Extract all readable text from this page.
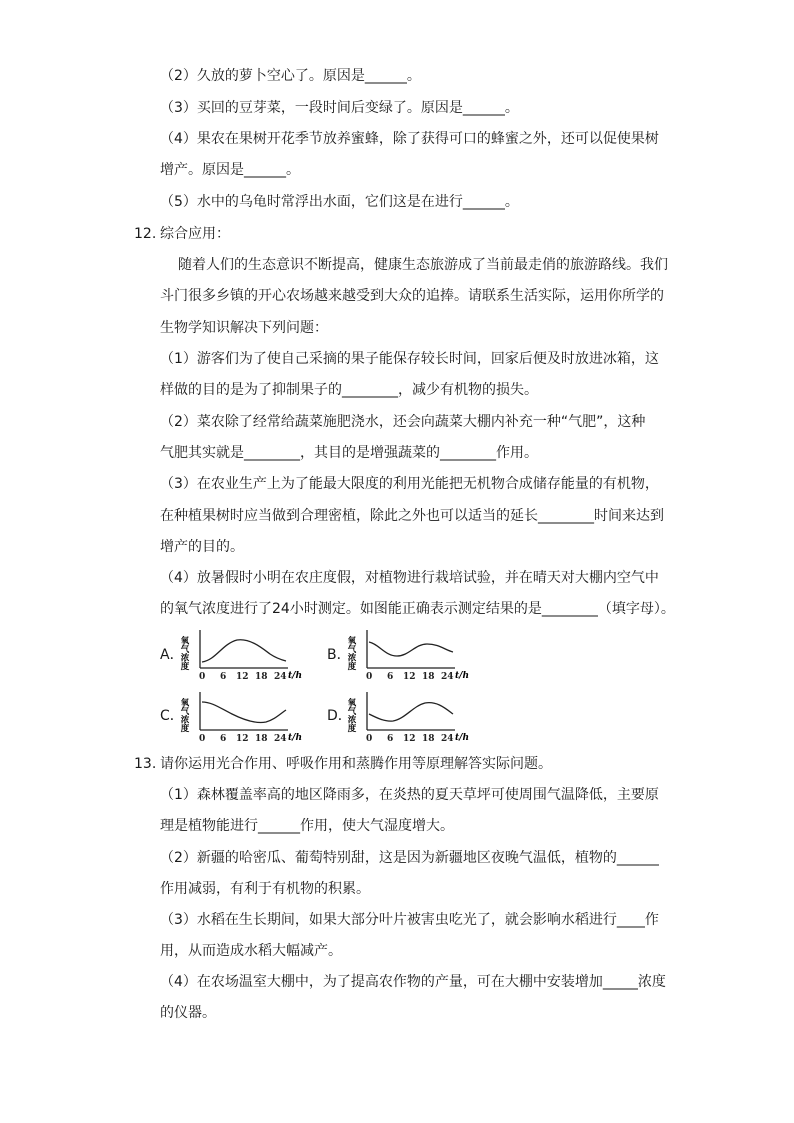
（2）久放的萝卜空心了。原因是______。
（3）买回的豆芽菜，一段时间后变绿了。原因是______。
（4）果农在果树开花季节放养蜜蜂，除了获得可口的蜂蜜之外，还可以促使果树
增产。原因是______。
（5）水中的乌龟时常浮出水面，它们这是在进行______。
12. 综合应用：
随着人们的生态意识不断提高，健康生态旅游成了当前最走俏的旅游路线。我们
斗门很多乡镇的开心农场越来越受到大众的追捧。请联系生活实际，运用你所学的
生物学知识解决下列问题：
（1）游客们为了使自己采摘的果子能保存较长时间，回家后便及时放进冰箱，这
样做的目的是为了抑制果子的________，减少有机物的损失。
（2）菜农除了经常给蔬菜施肥浇水，还会向蔬菜大棚内补充一种“气肥”，这种
气肥其实就是________，其目的是增强蔬菜的________作用。
（3）在农业生产上为了能最大限度的利用光能把无机物合成储存能量的有机物，
在种植果树时应当做到合理密植，除此之外也可以适当的延长________时间来达到
增产的目的。
（4）放暑假时小明在农庄度假，对植物进行栽培试验，并在晴天对大棚内空气中
的氧气浓度进行了24小时测定。如图能正确表示测定结果的是________（填字母）。
A．
氧气浓度
0 6 12 18 24 t/h
B．
氧气浓度
0 6 12 18 24 t/h
C．
氧气浓度
0 6 12 18 24 t/h
D．
氧气浓度
0 6 12 18 24 t/h
13. 请你运用光合作用、呼吸作用和蒸腾作用等原理解答实际问题。
（1）森林覆盖率高的地区降雨多，在炎热的夏天草坪可使周围气温降低，主要原
理是植物能进行______作用，使大气湿度增大。
（2）新疆的哈密瓜、葡萄特别甜，这是因为新疆地区夜晚气温低，植物的______
作用减弱，有利于有机物的积累。
（3）水稻在生长期间，如果大部分叶片被害虫吃光了，就会影响水稻进行____作
用，从而造成水稻大幅减产。
（4）在农场温室大棚中，为了提高农作物的产量，可在大棚中安装增加_____浓度
的仪器。
